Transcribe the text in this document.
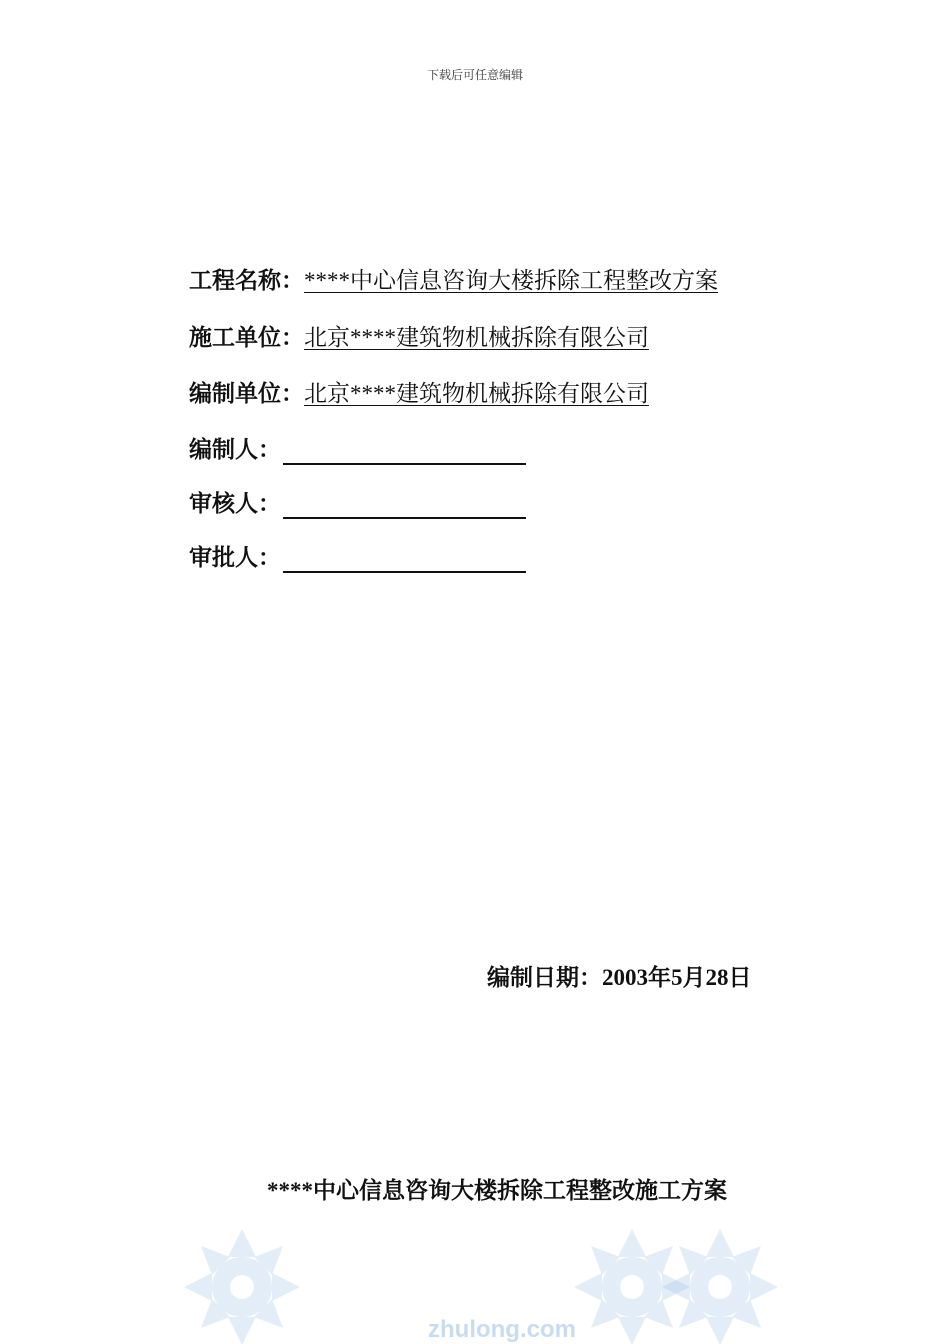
下载后可任意编辑
工程名称：****中心信息咨询大楼拆除工程整改方案
施工单位：北京****建筑物机械拆除有限公司
编制单位：北京****建筑物机械拆除有限公司
编制人：
审核人：
审批人：
编制日期：2003年5月28日
****中心信息咨询大楼拆除工程整改施工方案
zhulong.com
